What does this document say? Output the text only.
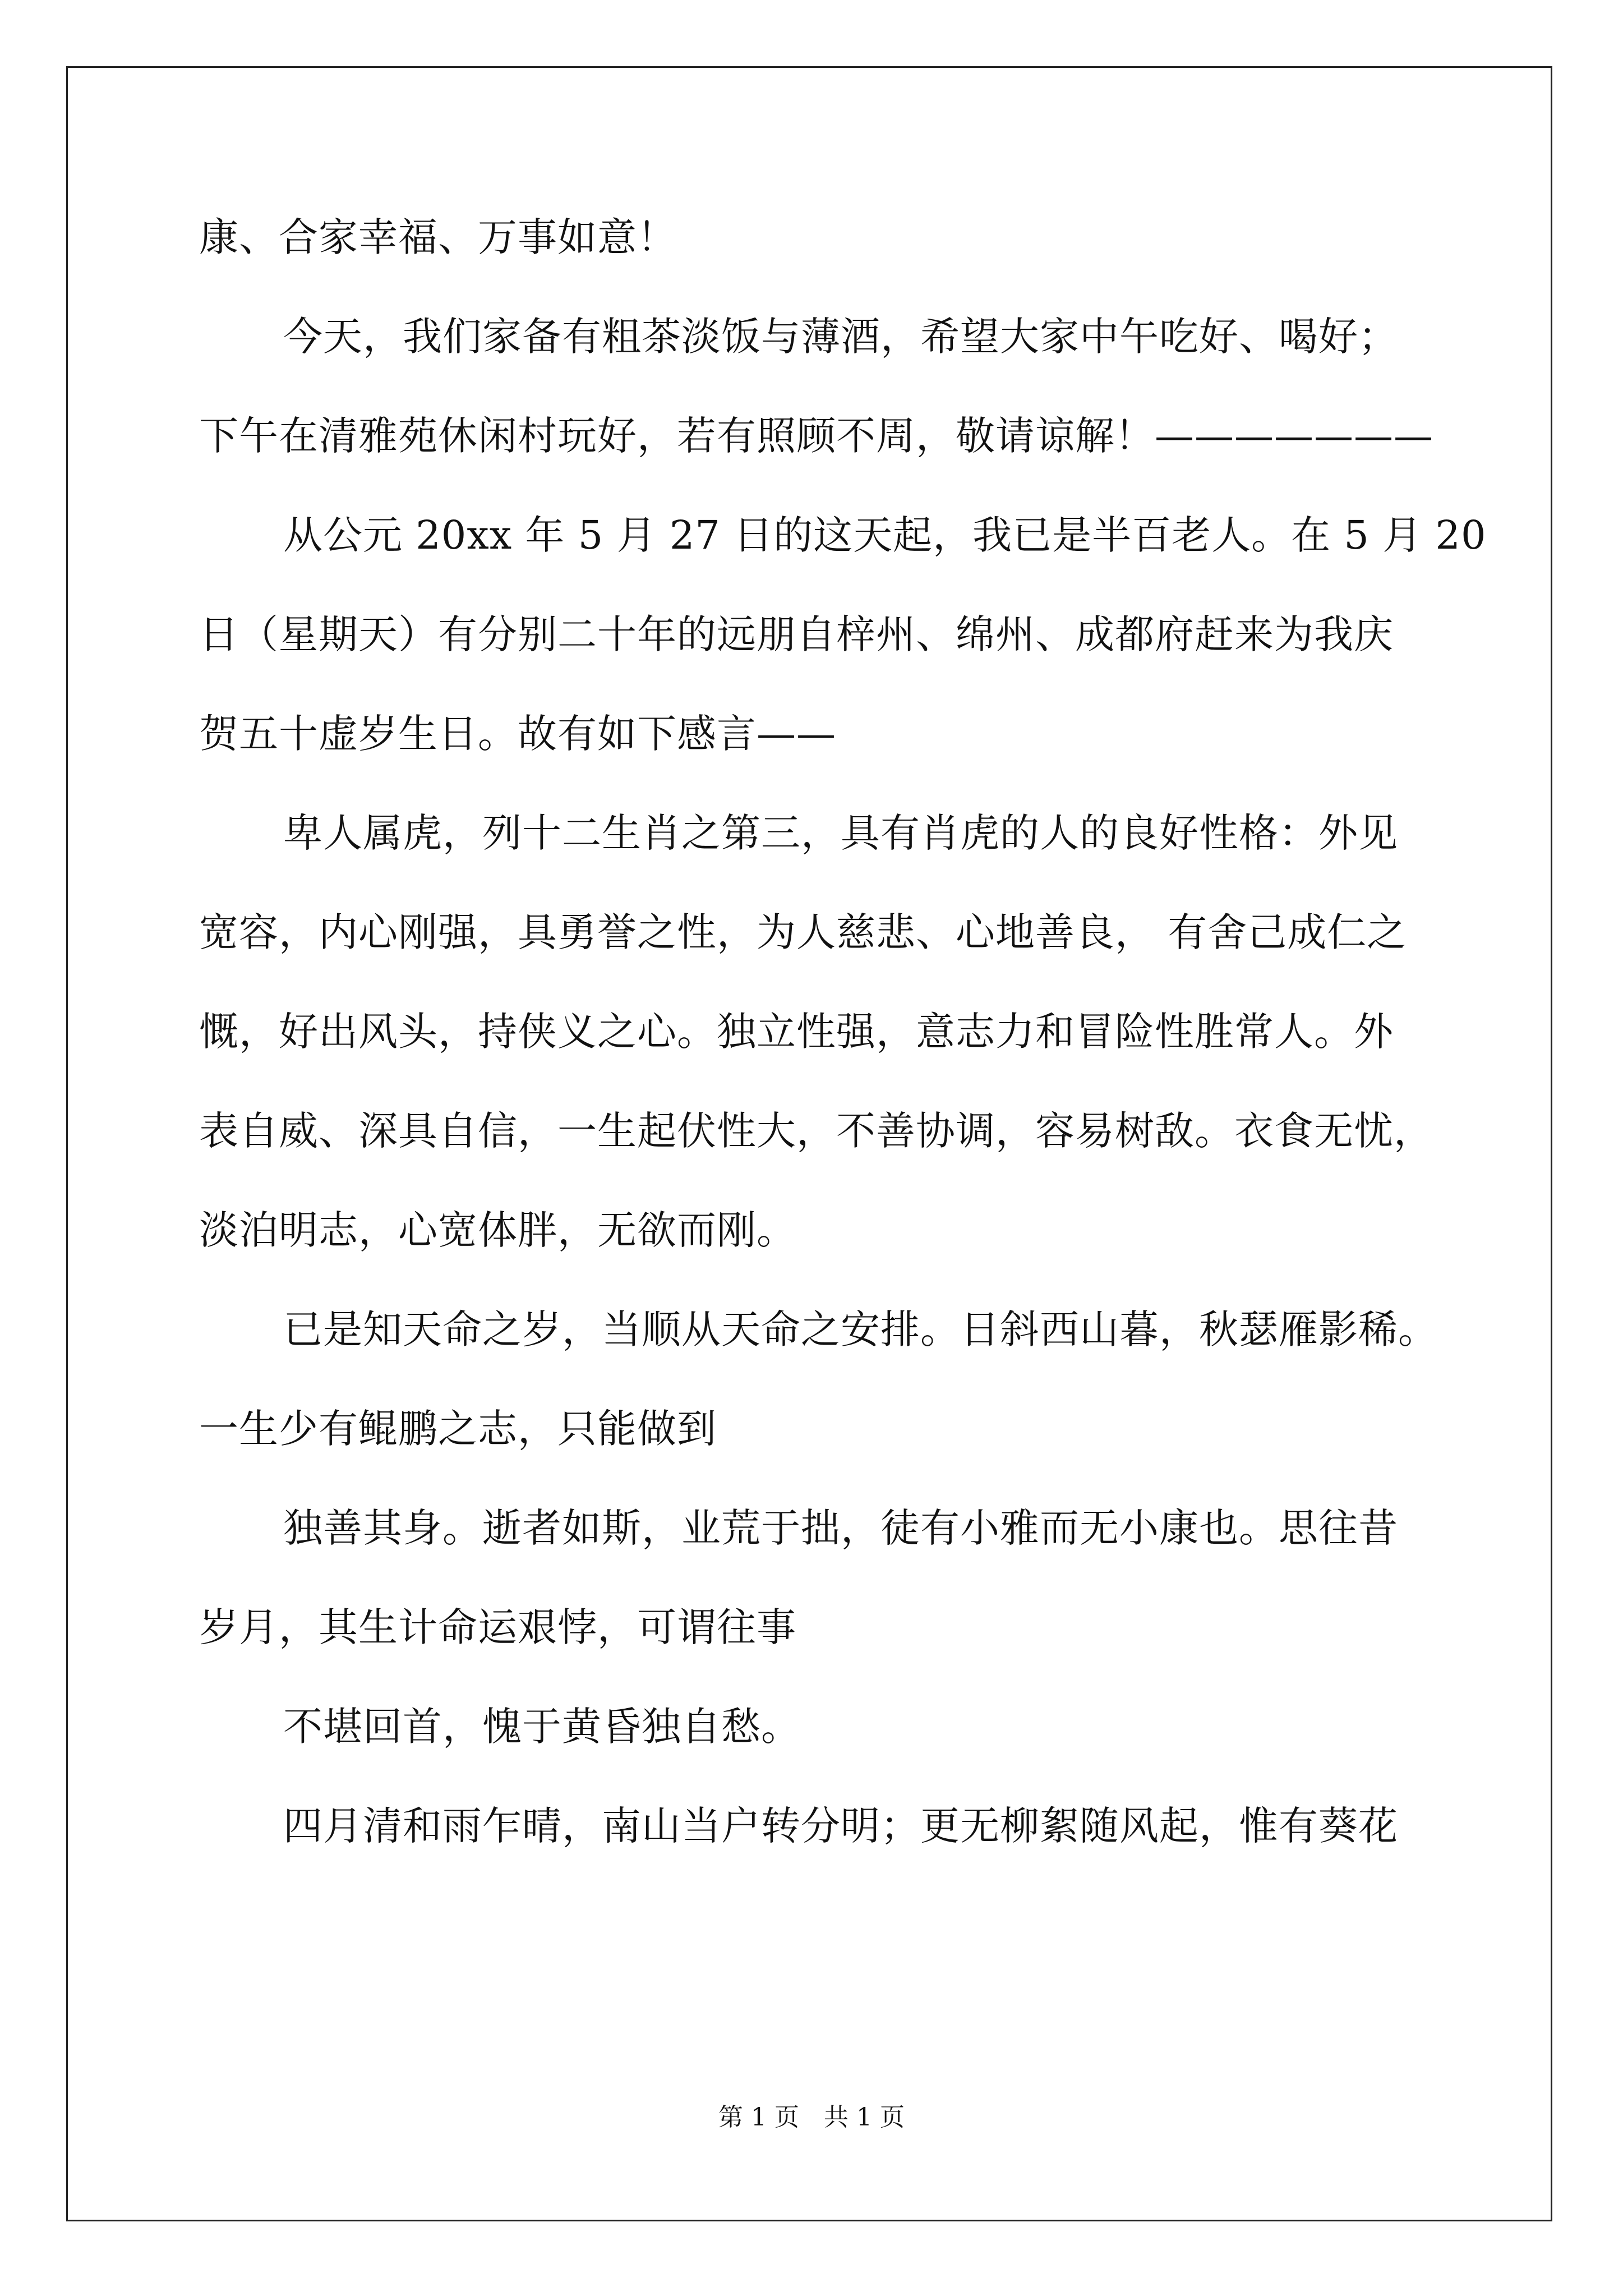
康、合家幸福、万事如意！
今天，我们家备有粗茶淡饭与薄酒，希望大家中午吃好、喝好；
下午在清雅苑休闲村玩好，若有照顾不周，敬请谅解！———————
从公元 20xx 年 5 月 27 日的这天起，我已是半百老人。在 5 月 20
日（星期天）有分别二十年的远朋自梓州、绵州、成都府赶来为我庆
贺五十虚岁生日。故有如下感言——
卑人属虎，列十二生肖之第三，具有肖虎的人的良好性格：外见
宽容，内心刚强，具勇誉之性，为人慈悲、心地善良， 有舍己成仁之
慨，好出风头，持侠义之心。独立性强，意志力和冒险性胜常人。外
表自威、深具自信，一生起伏性大，不善协调，容易树敌。衣食无忧，
淡泊明志，心宽体胖，无欲而刚。
已是知天命之岁，当顺从天命之安排。日斜西山暮，秋瑟雁影稀。
一生少有鲲鹏之志，只能做到
独善其身。逝者如斯，业荒于拙，徒有小雅而无小康也。思往昔
岁月，其生计命运艰悖，可谓往事
不堪回首，愧于黄昏独自愁。
四月清和雨乍晴，南山当户转分明；更无柳絮随风起，惟有葵花
第 1 页　共 1 页
